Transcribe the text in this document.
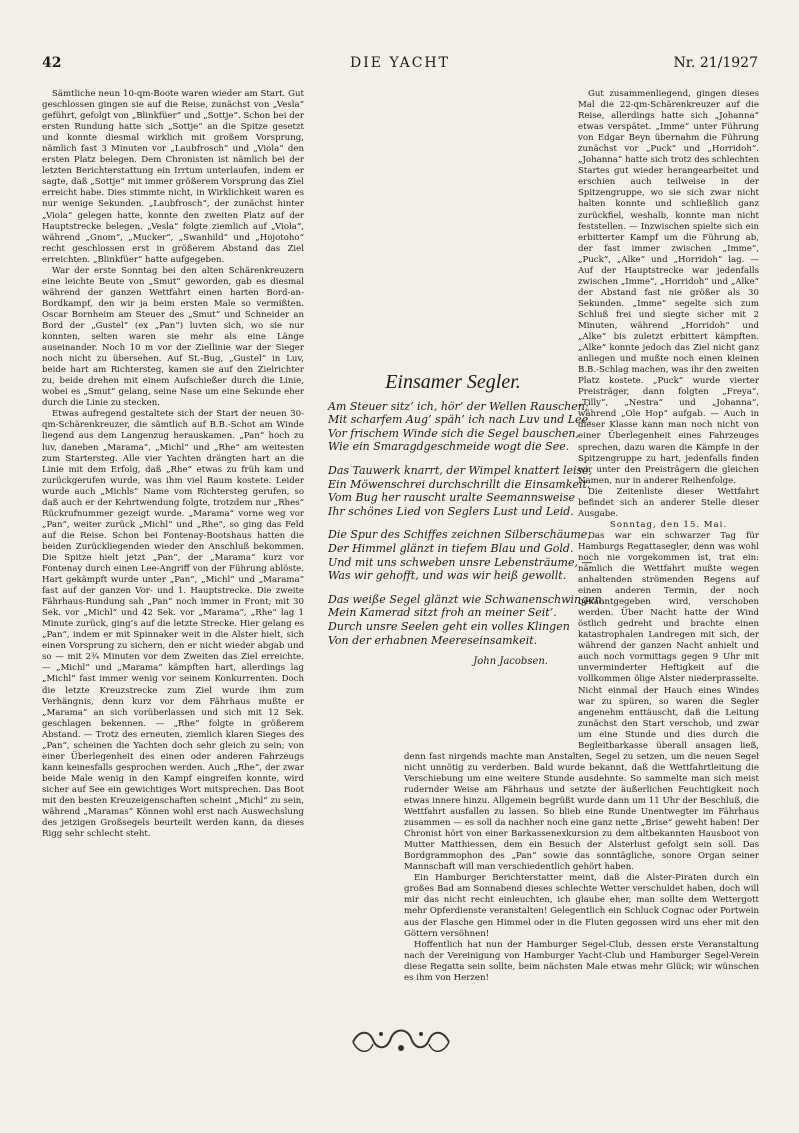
DIE YACHT
42	Nr. 21/1927

Sämtliche neun 10-qm-Boote waren wieder am Start. Gut geschlossen gingen sie auf die Reise, zunächst von „Vesla“ geführt, gefolgt von „Blinkfüer“ und „Sottje“. Schon bei der ersten Rundung hatte sich „Sottje“ an die Spitze gesetzt und konnte diesmal wirklich mit großem Vorsprung, nämlich fast 3 Minuten vor „Laubfrosch“ und „Viola“ den ersten Platz belegen. Dem Chronisten ist nämlich bei der letzten Berichterstattung ein Irrtum unterlaufen, indem er sagte, daß „Sottje“ mit immer größerem Vorsprung das Ziel erreicht habe. Dies stimmte nicht, in Wirklichkeit waren es nur wenige Sekunden. „Laubfrosch“, der zunächst hinter „Viola“ gelegen hatte, konnte den zweiten Platz auf der Hauptstrecke belegen. „Vesla“ folgte ziemlich auf „Viola“, während „Gnom“, „Mucker“, „Swanhild“ und „Hojotoho“ recht geschlossen erst in größerem Abstand das Ziel erreichten. „Blinkfüer“ hatte aufgegeben.

War der erste Sonntag bei den alten Schärenkreuzern eine leichte Beute von „Smut“ geworden, gab es diesmal während der ganzen Wettfahrt einen harten Bord-an-Bordkampf, den wir ja beim ersten Male so vermißten. Oscar Bornheim am Steuer des „Smut“ und Schneider an Bord der „Gustel“ (ex „Pan“) luvten sich, wo sie nur konnten, selten waren sie mehr als eine Länge auseinander. Noch 10 m vor der Ziellinie war der Sieger noch nicht zu übersehen. Auf St.-Bug, „Gustel“ in Luv, beide hart am Richtersteg, kamen sie auf den Zielrichter zu, beide drehen mit einem Aufschießer durch die Linie, wobei es „Smut“ gelang, seine Nase um eine Sekunde eher durch die Linie zu stecken.

Etwas aufregend gestaltete sich der Start der neuen 30-qm-Schärenkreuzer, die sämtlich auf B.B.-Schot am Winde liegend aus dem Langenzug herauskamen. „Pan“ hoch zu luv, daneben „Marama“, „Michl“ und „Rhe“ am weitesten zum Startersteg. Alle vier Yachten drängten hart an die Linie mit dem Erfolg, daß „Rhe“ etwas zu früh kam und zurückgerufen wurde, was ihm viel Raum kostete. Leider wurde auch „Michls“ Name vom Richtersteg gerufen, so daß auch er der Kehrtwendung folgte, trotzdem nur „Rhes“ Rückrufnummer gezeigt wurde. „Marama“ vorne weg vor „Pan“, weiter zurück „Michl“ und „Rhe“, so ging das Feld auf die Reise. Schon bei Fontenay-Bootshaus hatten die beiden Zurückliegenden wieder den Anschluß bekommen. Die Spitze hielt jetzt „Pan“, der „Marama“ kurz vor Fontenay durch einen Lee-Angriff von der Führung ablöste. Hart gekämpft wurde unter „Pan“, „Michl“ und „Marama“ fast auf der ganzen Vor- und 1. Hauptstrecke. Die zweite Fährhaus-Rundung sah „Pan“ noch immer in Front; mit 30 Sek. vor „Michl“ und 42 Sek. vor „Marama“, „Rhe“ lag 1 Minute zurück, ging’s auf die letzte Strecke. Hier gelang es „Pan“, indem er mit Spinnaker weit in die Alster hielt, sich einen Vorsprung zu sichern, den er nicht wieder abgab und so — mit 2¾ Minuten vor dem Zweiten das Ziel erreichte. — „Michl“ und „Marama“ kämpften hart, allerdings lag „Michl“ fast immer wenig vor seinem Konkurrenten. Doch die letzte Kreuzstrecke zum Ziel wurde ihm zum Verhängnis, denn kurz vor dem Fährhaus mußte er „Marama“ an sich vorüberlassen und sich mit 12 Sek. geschlagen bekennen. — „Rhe“ folgte in größerem Abstand. — Trotz des erneuten, ziemlich klaren Sieges des „Pan“, scheinen die Yachten doch sehr gleich zu sein; von einer Überlegenheit des einen oder anderen Fahrzeugs kann keinesfalls gesprochen werden. Auch „Rhe“, der zwar beide Male wenig in den Kampf eingreifen konnte, wird sicher auf See ein gewichtiges Wort mitsprechen. Das Boot mit den besten Kreuzeigenschaften scheint „Michl“ zu sein, während „Maramas“ Können wohl erst nach Auswechslung des jetzigen Großsegels beurteilt werden kann, da dieses Rigg sehr schlecht steht.

Gut zusammenliegend, gingen dieses Mal die 22-qm-Schärenkreuzer auf die Reise, allerdings hatte sich „Johanna“ etwas verspätet. „Imme“ unter Führung von Edgar Beyn übernahm die Führung zunächst vor „Puck“ und „Horridoh“. „Johanna“ hatte sich trotz des schlechten Startes gut wieder herangearbeitet und erschien auch teilweise in der Spitzengruppe, wo sie sich zwar nicht halten konnte und schließlich ganz zurückfiel, weshalb, konnte man nicht feststellen. — Inzwischen spielte sich ein erbitterter Kampf um die Führung ab, der fast immer zwischen „Imme“, „Puck“, „Alke“ und „Horridoh“ lag. — Auf der Hauptstrecke war jedenfalls zwischen „Imme“, „Horridoh“ und „Alke“ der Abstand fast nie größer als 30 Sekunden. „Imme“ segelte sich zum Schluß frei und siegte sicher mit 2 Minuten, während „Horridoh“ und „Alke“ bis zuletzt erbittert kämpften. „Alke“ konnte jedoch das Ziel nicht ganz anliegen und mußte noch einen kleinen B.B.-Schlag machen, was ihr den zweiten Platz kostete. „Puck“ wurde vierter Preisträger, dann folgten „Freya“, „Tilly“, „Nestra“ und „Johanna“, während „Ole Hop“ aufgab. — Auch in dieser Klasse kann man noch nicht von einer Überlegenheit eines Fahrzeuges sprechen, dazu waren die Kämpfe in der Spitzengruppe zu hart, jedenfalls finden wir unter den Preisträgern die gleichen Namen, nur in anderer Reihenfolge.

Die Zeitenliste dieser Wettfahrt befindet sich an anderer Stelle dieser Ausgabe.

Sonntag, den 15. Mai.

Das war ein schwarzer Tag für Hamburgs Regattasegler, denn was wohl noch nie vorgekommen ist, trat ein: nämlich die Wettfahrt mußte wegen anhaltenden strömenden Regens auf einen anderen Termin, der noch bekanntgegeben wird, verschoben werden. Über Nacht hatte der Wind östlich gedreht und brachte einen katastrophalen Landregen mit sich, der während der ganzen Nacht anhielt und auch noch vormittags gegen 9 Uhr mit unverminderter Heftigkeit auf die vollkommen ölige Alster niederprasselte. Nicht einmal der Hauch eines Windes war zu spüren, so waren die Segler angenehm enttäuscht, daß die Leitung zunächst den Start verschob, und zwar um eine Stunde und dies durch die Begleitbarkasse überall ansagen ließ, denn fast nirgends machte man Anstalten, Segel zu setzen, um die neuen Segel nicht unnötig zu verderben. Bald wurde bekannt, daß die Wettfahrtleitung die Verschiebung um eine weitere Stunde ausdehnte. So sammelte man sich meist rudernder Weise am Fährhaus und setzte der äußerlichen Feuchtigkeit noch etwas innere hinzu. Allgemein begrüßt wurde dann um 11 Uhr der Beschluß, die Wettfahrt ausfallen zu lassen. So blieb eine Runde Unentwegter im Fährhaus zusammen — es soll da nachher noch eine ganz nette „Brise“ geweht haben! Der Chronist hört von einer Barkassenexkursion zu dem altbekannten Hausboot von Mutter Matthiessen, dem ein Besuch der Alsterlust gefolgt sein soll. Das Bordgrammophon des „Pan“ sowie das sonntägliche, sonore Organ seiner Mannschaft will man verschiedentlich gehört haben.

Ein Hamburger Berichterstatter meint, daß die Alster-Piraten durch ein großes Bad am Sonnabend dieses schlechte Wetter verschuldet haben, doch will mir das nicht recht einleuchten, ich glaube eher, man sollte dem Wettergott mehr Opferdienste veranstalten! Gelegentlich ein Schluck Cognac oder Portwein aus der Flasche gen Himmel oder in die Fluten gegossen wird uns eher mit den Göttern versöhnen!

Hoffentlich hat nun der Hamburger Segel-Club, dessen erste Veranstaltung nach der Vereinigung von Hamburger Yacht-Club und Hamburger Segel-Verein diese Regatta sein sollte, beim nächsten Male etwas mehr Glück; wir wünschen es ihm von Herzen!

Einsamer Segler.
Am Steuer sitz’ ich, hör’ der Wellen Rauschen;
Mit scharfem Aug’ späh’ ich nach Luv und Lee.
Vor frischem Winde sich die Segel bauschen,
Wie ein Smaragdgeschmeide wogt die See.
Das Tauwerk knarrt, der Wimpel knattert leise,
Ein Möwenschrei durchschrillt die Einsamkeit.
Vom Bug her rauscht uralte Seemannsweise
Ihr schönes Lied von Seglers Lust und Leid.
Die Spur des Schiffes zeichnen Silberschäume,
Der Himmel glänzt in tiefem Blau und Gold.
Und mit uns schweben unsre Lebensträume, —
Was wir gehofft, und was wir heiß gewollt.
Das weiße Segel glänzt wie Schwanenschwingen.
Mein Kamerad sitzt froh an meiner Seit’.
Durch unsre Seelen geht ein volles Klingen
Von der erhabnen Meereseinsamkeit.
John Jacobsen.
